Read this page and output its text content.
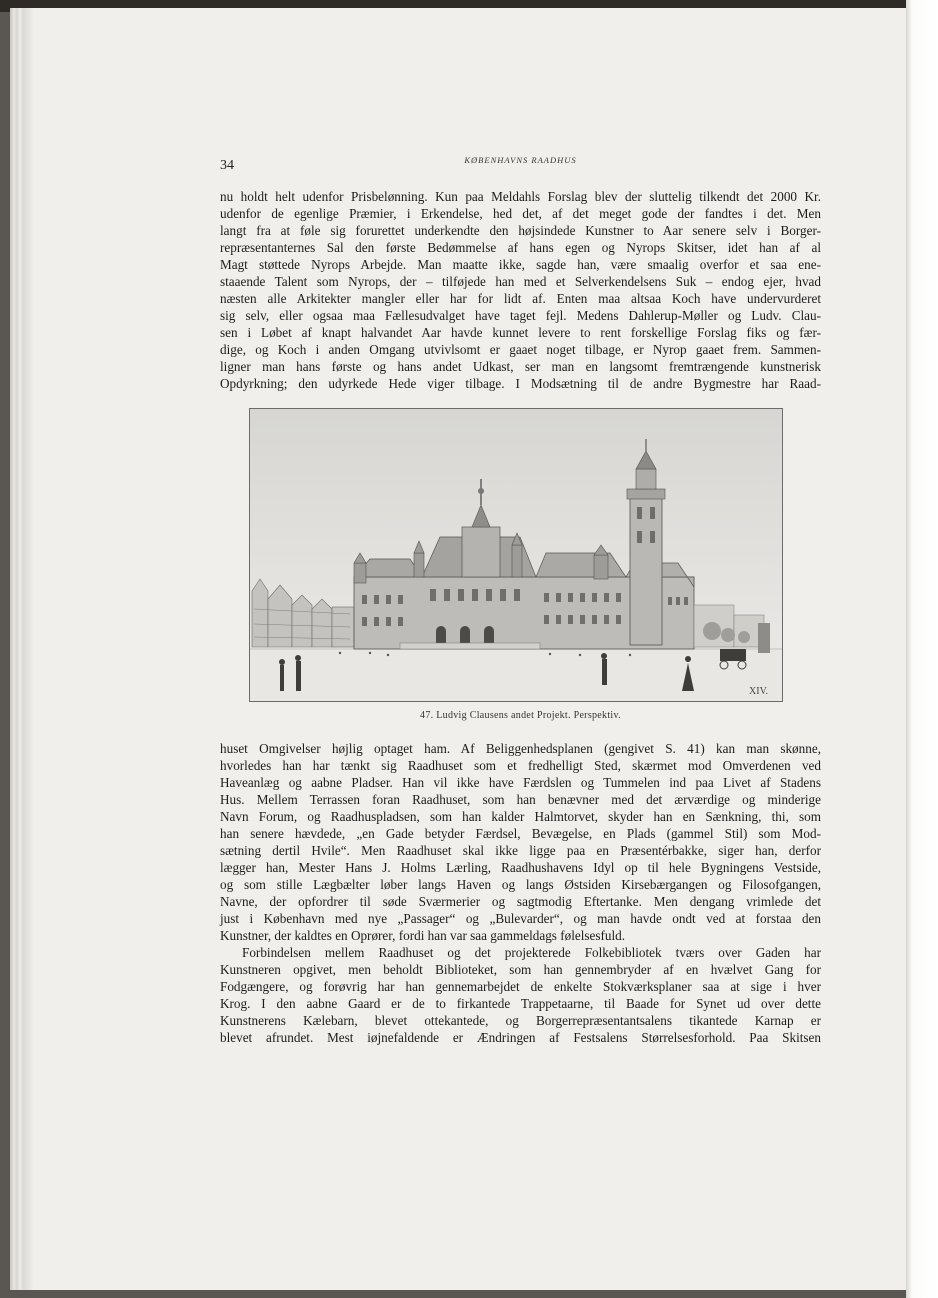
34	KØBENHAVNS RAADHUS
nu holdt helt udenfor Prisbelønning. Kun paa Meldahls Forslag blev der sluttelig tilkendt det 2000 Kr.
udenfor de egenlige Præmier, i Erkendelse, hed det, af det meget gode der fandtes i det. Men
langt fra at føle sig forurettet underkendte den højsindede Kunstner to Aar senere selv i Borger-
repræsentanternes Sal den første Bedømmelse af hans egen og Nyrops Skitser, idet han af al
Magt støttede Nyrops Arbejde. Man maatte ikke, sagde han, være smaalig overfor et saa ene-
staaende Talent som Nyrops, der – tilføjede han med et Selverkendelsens Suk – endog ejer, hvad
næsten alle Arkitekter mangler eller har for lidt af. Enten maa altsaa Koch have undervurderet
sig selv, eller ogsaa maa Fællesudvalget have taget fejl. Medens Dahlerup-Møller og Ludv. Clau-
sen i Løbet af knapt halvandet Aar havde kunnet levere to rent forskellige Forslag fiks og fær-
dige, og Koch i anden Omgang utvivlsomt er gaaet noget tilbage, er Nyrop gaaet frem. Sammen-
ligner man hans første og hans andet Udkast, ser man en langsomt fremtrængende kunstnerisk
Opdyrkning; den udyrkede Hede viger tilbage. I Modsætning til de andre Bygmestre har Raad-
XIV.
47. Ludvig Clausens andet Projekt. Perspektiv.
huset Omgivelser højlig optaget ham. Af Beliggenhedsplanen (gengivet S. 41) kan man skønne,
hvorledes han har tænkt sig Raadhuset som et fredhelligt Sted, skærmet mod Omverdenen ved
Haveanlæg og aabne Pladser. Han vil ikke have Færdslen og Tummelen ind paa Livet af Stadens
Hus. Mellem Terrassen foran Raadhuset, som han benævner med det ærværdige og minderige
Navn Forum, og Raadhuspladsen, som han kalder Halmtorvet, skyder han en Sænkning, thi, som
han senere hævdede, „en Gade betyder Færdsel, Bevægelse, en Plads (gammel Stil) som Mod-
sætning dertil Hvile“. Men Raadhuset skal ikke ligge paa en Præsentérbakke, siger han, derfor
lægger han, Mester Hans J. Holms Lærling, Raadhushavens Idyl op til hele Bygningens Vestside,
og som stille Lægbælter løber langs Haven og langs Østsiden Kirsebærgangen og Filosofgangen,
Navne, der opfordrer til søde Sværmerier og sagtmodig Eftertanke. Men dengang vrimlede det
just i København med nye „Passager“ og „Bulevarder“, og man havde ondt ved at forstaa den
Kunstner, der kaldtes en Oprører, fordi han var saa gammeldags følelsesfuld.
Forbindelsen mellem Raadhuset og det projekterede Folkebibliotek tværs over Gaden har
Kunstneren opgivet, men beholdt Biblioteket, som han gennembryder af en hvælvet Gang for
Fodgængere, og forøvrig har han gennemarbejdet de enkelte Stokværksplaner saa at sige i hver
Krog. I den aabne Gaard er de to firkantede Trappetaarne, til Baade for Synet ud over dette
Kunstnerens Kælebarn, blevet ottekantede, og Borgerrepræsentantsalens tikantede Karnap er
blevet afrundet. Mest iøjnefaldende er Ændringen af Festsalens Størrelsesforhold. Paa Skitsen
